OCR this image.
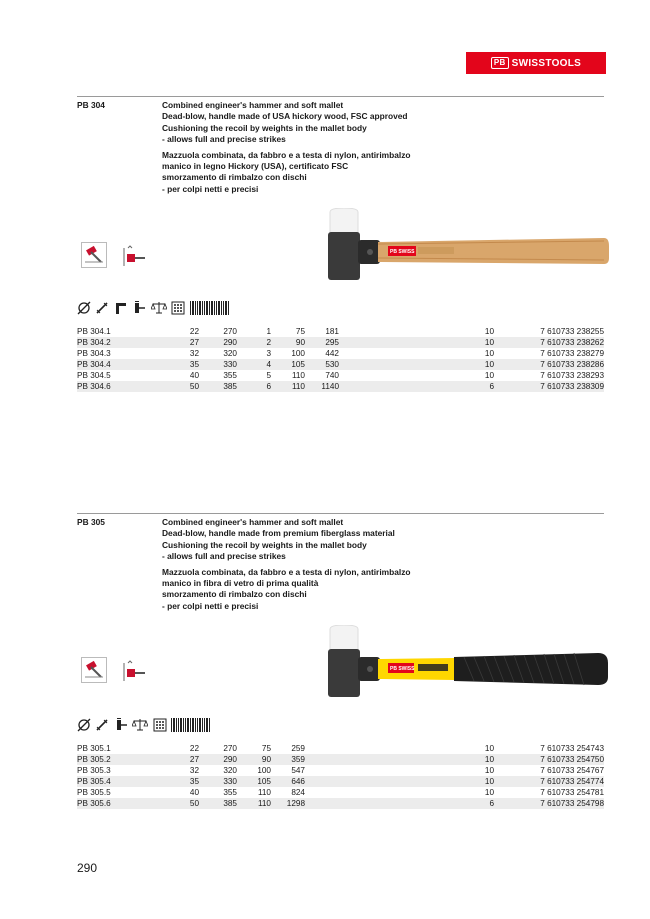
PB SWISSTOOLS
PB 304	Combined engineer's hammer and soft mallet
Dead-blow, handle made of USA hickory wood, FSC approved
Cushioning the recoil by weights in the mallet body
- allows full and precise strikes

Mazzuola combinata, da fabbro e a testa di nylon, antirimbalzo
manico in legno Hickory (USA), certificato FSC
smorzamento di rimbalzo con dischi
- per colpi netti e precisi

PB SWISS

PB 304.1	22	270	1	75	181	10	7 610733 238255
PB 304.2	27	290	2	90	295	10	7 610733 238262
PB 304.3	32	320	3	100	442	10	7 610733 238279
PB 304.4	35	330	4	105	530	10	7 610733 238286
PB 304.5	40	355	5	110	740	10	7 610733 238293
PB 304.6	50	385	6	110	1140	6	7 610733 238309
PB 305	Combined engineer's hammer and soft mallet
Dead-blow, handle made from premium fiberglass material
Cushioning the recoil by weights in the mallet body
- allows full and precise strikes

Mazzuola combinata, da fabbro e a testa di nylon, antirimbalzo
manico in fibra di vetro di prima qualità
smorzamento di rimbalzo con dischi
- per colpi netti e precisi

PB SWISS

PB 305.1	22	270	75	259	10	7 610733 254743
PB 305.2	27	290	90	359	10	7 610733 254750
PB 305.3	32	320	100	547	10	7 610733 254767
PB 305.4	35	330	105	646	10	7 610733 254774
PB 305.5	40	355	110	824	10	7 610733 254781
PB 305.6	50	385	110	1298	6	7 610733 254798
290
